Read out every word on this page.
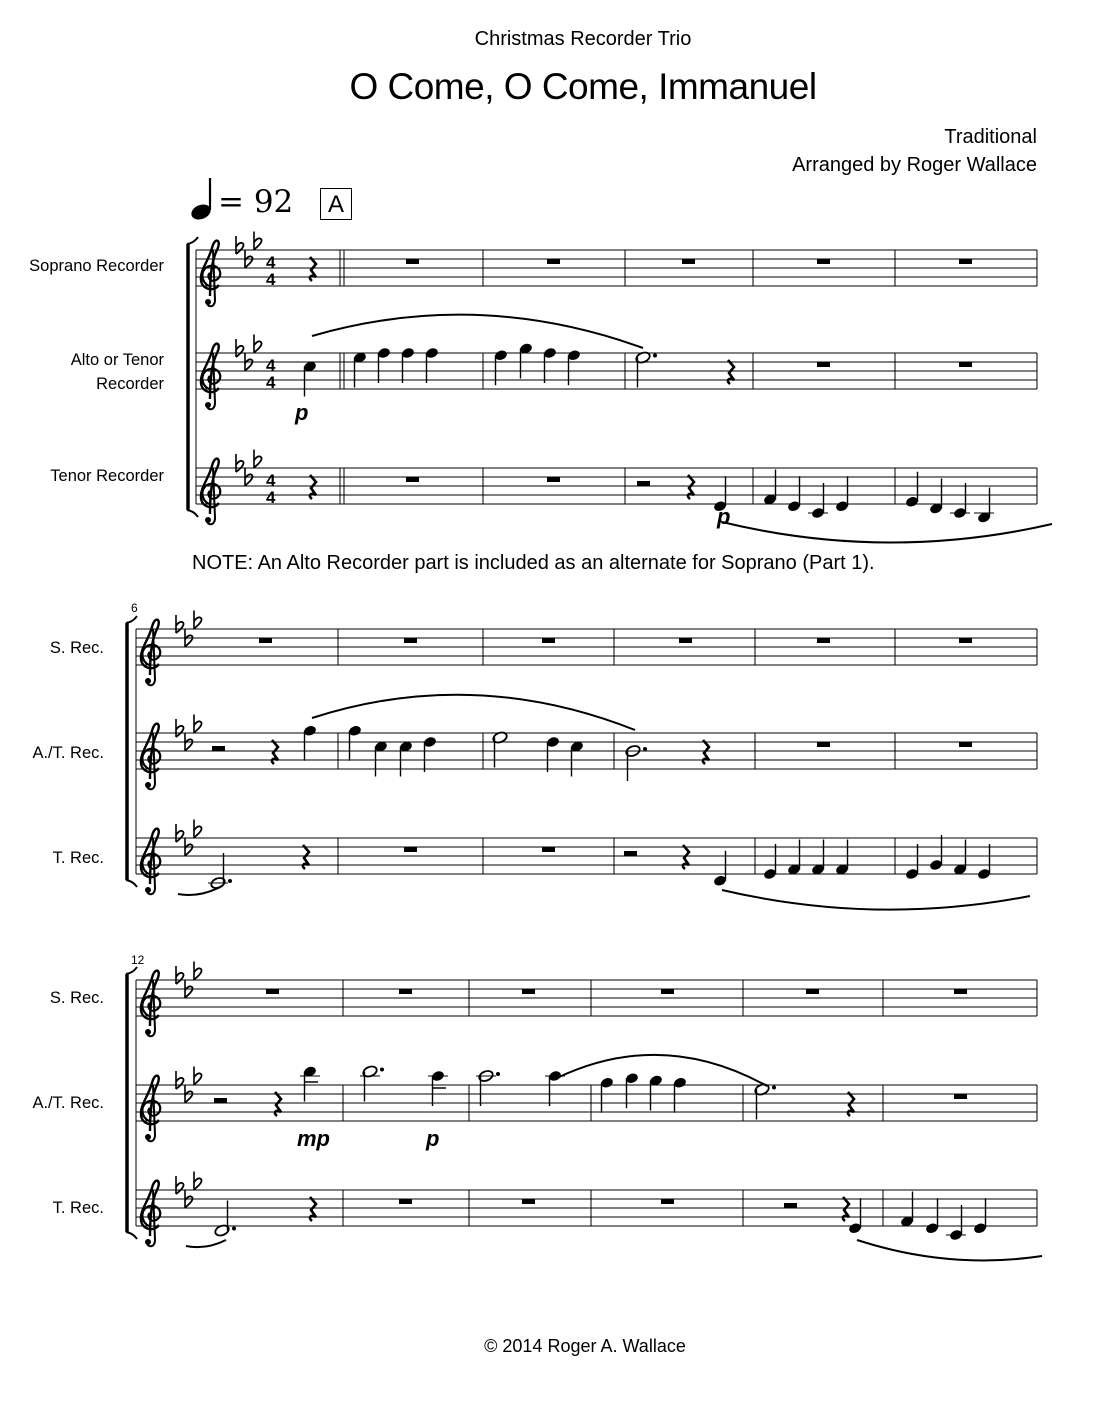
Christmas Recorder Trio
O Come, O Come, Immanuel
Traditional
Arranged by Roger Wallace
= 92	A
Soprano Recorder
Alto or Tenor
Recorder
Tenor Recorder
S. Rec.
A./T. Rec.
T. Rec.
S. Rec.
A./T. Rec.
T. Rec.
NOTE: An Alto Recorder part is included as an alternate for Soprano (Part 1).
© 2014 Roger A. Wallace
4
4
4
4
4
4
6
12
p
p
mp	p
